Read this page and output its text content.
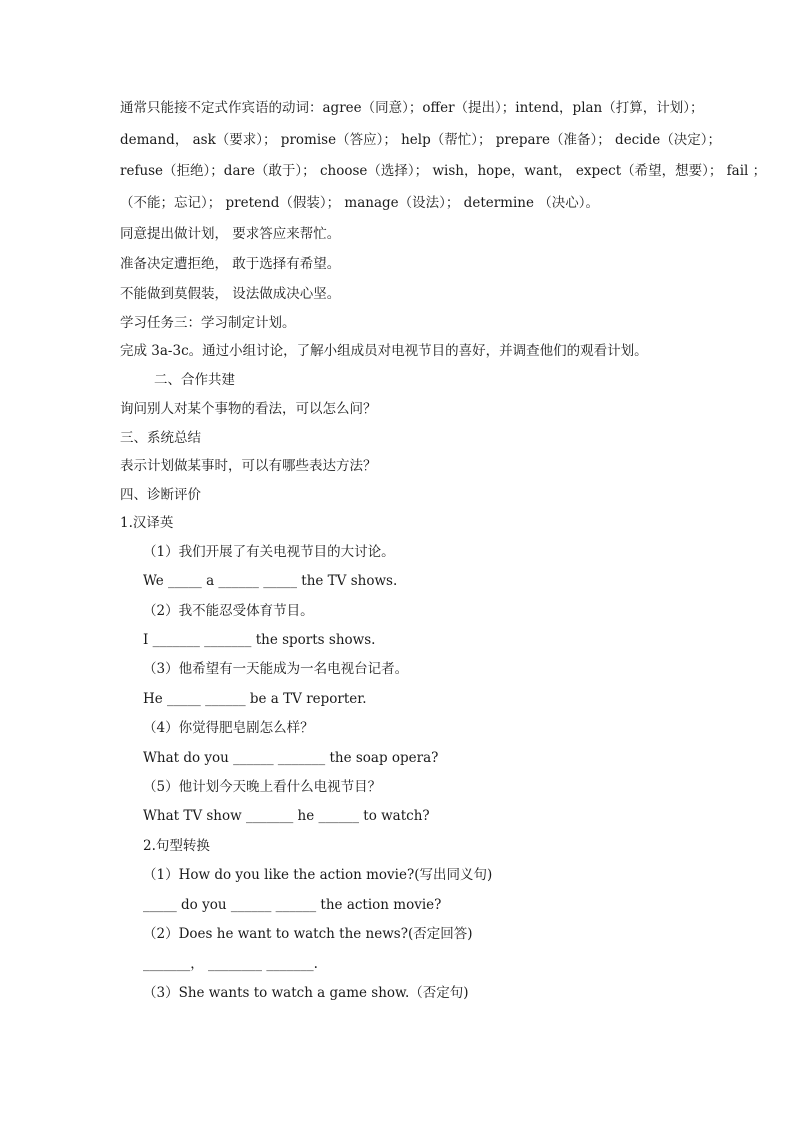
通常只能接不定式作宾语的动词：agree（同意）；offer（提出）；intend，plan（打算，计划）；
demand， ask（要求）； promise（答应）； help（帮忙）； prepare（准备）； decide（决定）；
refuse（拒绝）；dare（敢于）； choose（选择）； wish，hope，want， expect（希望，想要）； fail ；
（不能；忘记）； pretend（假装）； manage（设法）； determine （决心）。
同意提出做计划， 要求答应来帮忙。
准备决定遭拒绝， 敢于选择有希望。
不能做到莫假装， 设法做成决心坚。
学习任务三：学习制定计划。
完成 3a-3c。通过小组讨论，了解小组成员对电视节目的喜好，并调查他们的观看计划。
二、合作共建
询问别人对某个事物的看法，可以怎么问？
三、系统总结
表示计划做某事时，可以有哪些表达方法？
四、诊断评价
1.汉译英
（1）我们开展了有关电视节目的大讨论。
We _____ a ______ _____ the TV shows.
（2）我不能忍受体育节目。
I _______ _______ the sports shows.
（3）他希望有一天能成为一名电视台记者。
He _____ ______ be a TV reporter.
（4）你觉得肥皂剧怎么样？
What do you ______ _______ the soap opera?
（5）他计划今天晚上看什么电视节目？
What TV show _______ he ______ to watch?
2.句型转换
（1）How do you like the action movie?(写出同义句)
_____ do you ______ ______ the action movie?
（2）Does he want to watch the news?(否定回答)
_______， ________ _______.
（3）She wants to watch a game show.（否定句)
